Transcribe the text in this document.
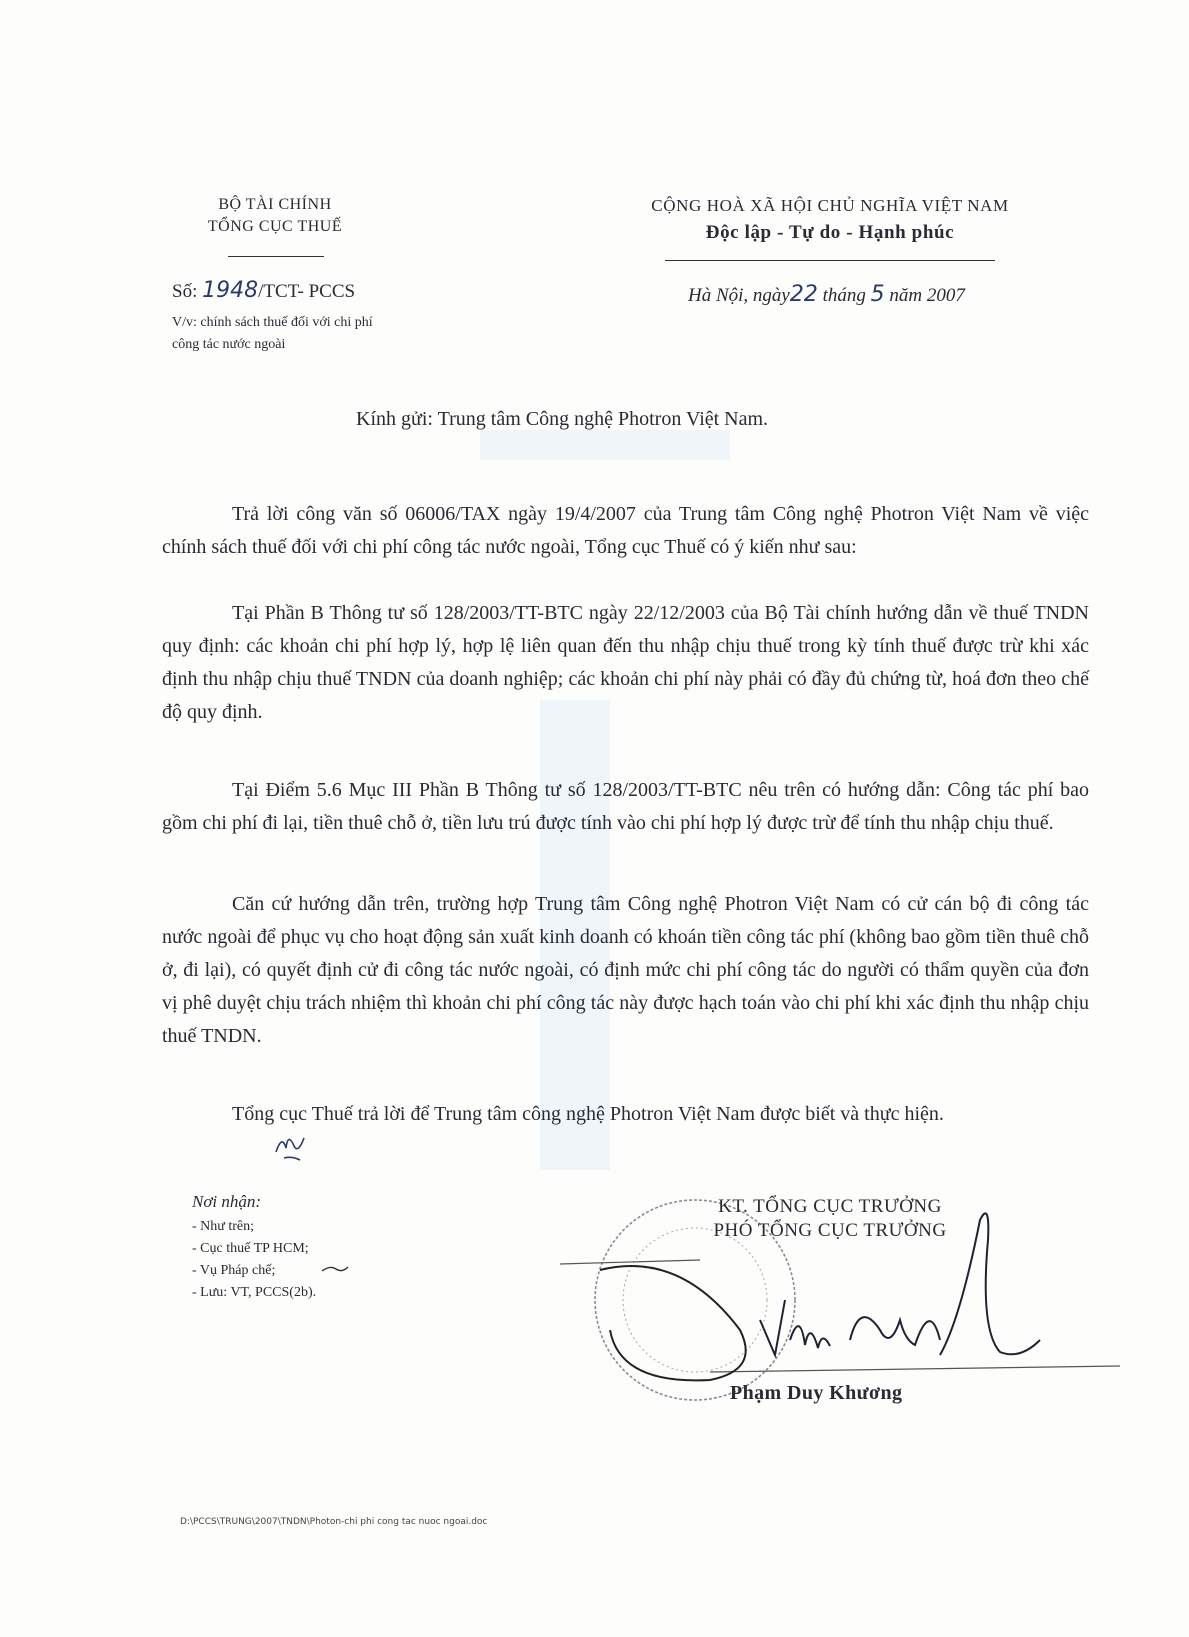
BỘ TÀI CHÍNH
TỔNG CỤC THUẾ
Số: 1948/TCT- PCCS
V/v: chính sách thuế đối với chi phí
công tác nước ngoài
CỘNG HOÀ XÃ HỘI CHỦ NGHĨA VIỆT NAM
Độc lập - Tự do - Hạnh phúc
Hà Nội, ngày22 tháng 5 năm 2007
Kính gửi: Trung tâm Công nghệ Photron Việt Nam.
Trả lời công văn số 06006/TAX ngày 19/4/2007 của Trung tâm Công nghệ Photron Việt Nam về việc chính sách thuế đối với chi phí công tác nước ngoài, Tổng cục Thuế có ý kiến như sau:
Tại Phần B Thông tư số 128/2003/TT-BTC ngày 22/12/2003 của Bộ Tài chính hướng dẫn về thuế TNDN quy định: các khoản chi phí hợp lý, hợp lệ liên quan đến thu nhập chịu thuế trong kỳ tính thuế được trừ khi xác định thu nhập chịu thuế TNDN của doanh nghiệp; các khoản chi phí này phải có đầy đủ chứng từ, hoá đơn theo chế độ quy định.
Tại Điểm 5.6 Mục III Phần B Thông tư số 128/2003/TT-BTC nêu trên có hướng dẫn: Công tác phí bao gồm chi phí đi lại, tiền thuê chỗ ở, tiền lưu trú được tính vào chi phí hợp lý được trừ để tính thu nhập chịu thuế.
Căn cứ hướng dẫn trên, trường hợp Trung tâm Công nghệ Photron Việt Nam có cử cán bộ đi công tác nước ngoài để phục vụ cho hoạt động sản xuất kinh doanh có khoán tiền công tác phí (không bao gồm tiền thuê chỗ ở, đi lại), có quyết định cử đi công tác nước ngoài, có định mức chi phí công tác do người có thẩm quyền của đơn vị phê duyệt chịu trách nhiệm thì khoản chi phí công tác này được hạch toán vào chi phí khi xác định thu nhập chịu thuế TNDN.
Tổng cục Thuế trả lời để Trung tâm công nghệ Photron Việt Nam được biết và thực hiện.
Nơi nhận:
- Như trên;
- Cục thuế TP HCM;
- Vụ Pháp chế;
- Lưu: VT, PCCS(2b).
KT. TỔNG CỤC TRƯỞNG
PHÓ TỔNG CỤC TRƯỞNG
Phạm Duy Khương
D:\PCCS\TRUNG\2007\TNDN\Photon-chi phi cong tac nuoc ngoai.doc
